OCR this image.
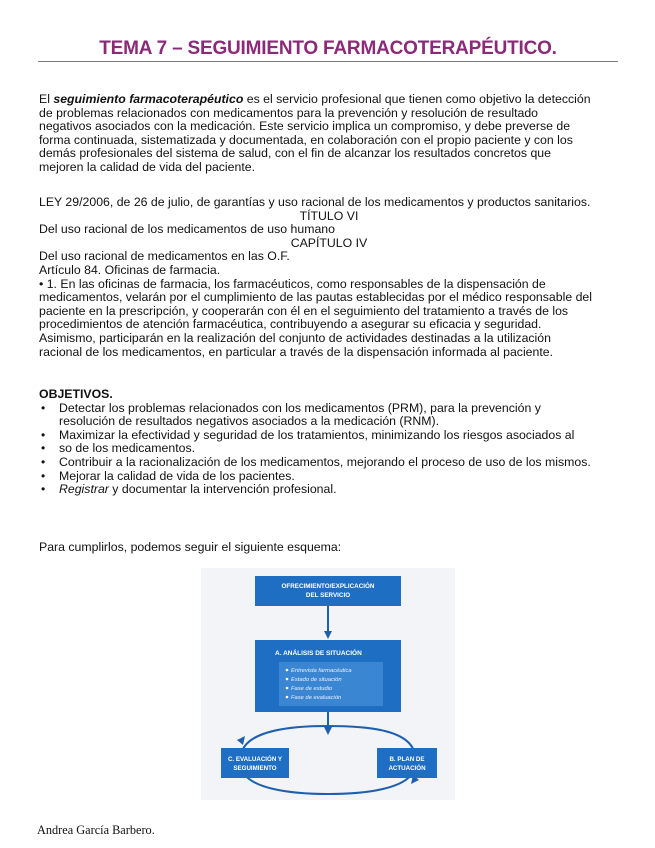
TEMA 7 – SEGUIMIENTO FARMACOTERAPÉUTICO.
El seguimiento farmacoterapéutico es el servicio profesional que tienen como objetivo la detección
de problemas relacionados con medicamentos para la prevención y resolución de resultado
negativos asociados con la medicación. Este servicio implica un compromiso, y debe preverse de
forma continuada, sistematizada y documentada, en colaboración con el propio paciente y con los
demás profesionales del sistema de salud, con el fin de alcanzar los resultados concretos que
mejoren la calidad de vida del paciente.
LEY 29/2006, de 26 de julio, de garantías y uso racional de los medicamentos y productos sanitarios.
TÍTULO VI
Del uso racional de los medicamentos de uso humano
CAPÍTULO IV
Del uso racional de medicamentos en las O.F.
Artículo 84. Oficinas de farmacia.
• 1. En las oficinas de farmacia, los farmacéuticos, como responsables de la dispensación de
medicamentos, velarán por el cumplimiento de las pautas establecidas por el médico responsable del
paciente en la prescripción, y cooperarán con él en el seguimiento del tratamiento a través de los
procedimientos de atención farmacéutica, contribuyendo a asegurar su eficacia y seguridad.
Asimismo, participarán en la realización del conjunto de actividades destinadas a la utilización
racional de los medicamentos, en particular a través de la dispensación informada al paciente.
OBJETIVOS.
• Detectar los problemas relacionados con los medicamentos (PRM), para la prevención y
resolución de resultados negativos asociados a la medicación (RNM).
• Maximizar la efectividad y seguridad de los tratamientos, minimizando los riesgos asociados al
• so de los medicamentos.
• Contribuir a la racionalización de los medicamentos, mejorando el proceso de uso de los mismos.
• Mejorar la calidad de vida de los pacientes.
• Registrar y documentar la intervención profesional.
Para cumplirlos, podemos seguir el siguiente esquema:
OFRECIMIENTO/EXPLICACIÓN
DEL SERVICIO
A. ANÁLISIS DE SITUACIÓN
Entrevista farmacéutica
Estado de situación
Fase de estudio
Fase de evaluación
C. EVALUACIÓN Y
SEGUIMIENTO
B. PLAN DE
ACTUACIÓN
Andrea García Barbero.
